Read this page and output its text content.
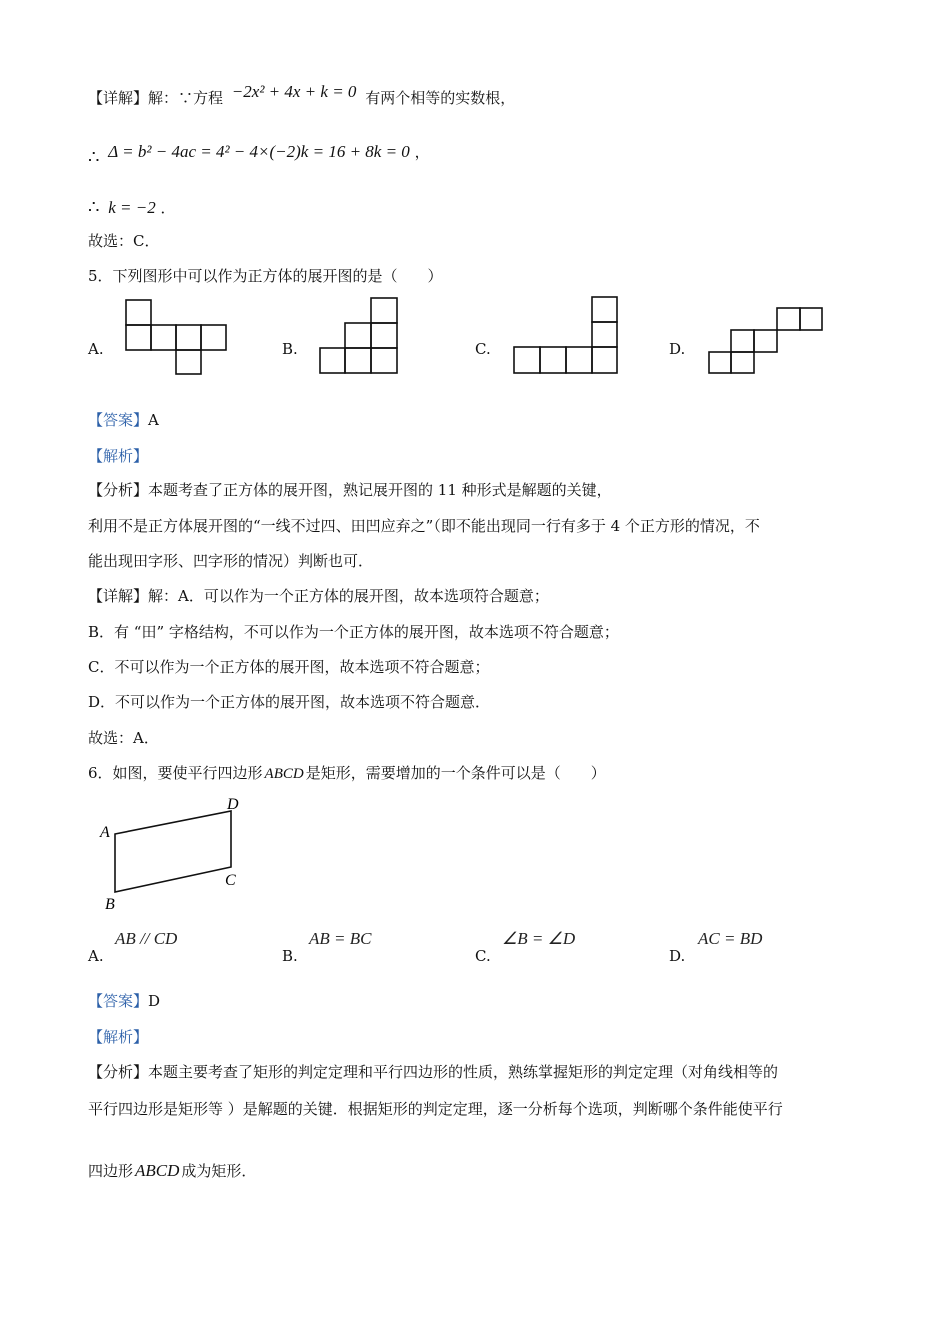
【详解】解：∵方程 −2x² + 4x + k = 0 有两个相等的实数根，
∴ Δ = b² − 4ac = 4² − 4×(−2)k = 16 + 8k = 0 ，
∴ k = −2 ．
故选：C．
5．下列图形中可以作为正方体的展开图的是（　　）
A.	B.	C.	D.
【答案】A
【解析】
【分析】本题考查了正方体的展开图，熟记展开图的 11 种形式是解题的关键，
利用不是正方体展开图的“一线不过四、田凹应弃之”（即不能出现同一行有多于 4 个正方形的情况，不
能出现田字形、凹字形的情况）判断也可．
【详解】解：A．可以作为一个正方体的展开图，故本选项符合题意；
B．有 “田” 字格结构，不可以作为一个正方体的展开图，故本选项不符合题意；
C．不可以作为一个正方体的展开图，故本选项不符合题意；
D．不可以作为一个正方体的展开图，故本选项不符合题意．
故选：A．
6．如图，要使平行四边形 ABCD 是矩形，需要增加的一个条件可以是（　　）
A
D
C
B
A.
AB // CD
B.
AB = BC
C.
∠B = ∠D
D.
AC = BD
【答案】D
【解析】
【分析】本题主要考查了矩形的判定定理和平行四边形的性质，熟练掌握矩形的判定定理（对角线相等的
平行四边形是矩形等 ）是解题的关键．根据矩形的判定定理，逐一分析每个选项，判断哪个条件能使平行
四边形 ABCD 成为矩形．
